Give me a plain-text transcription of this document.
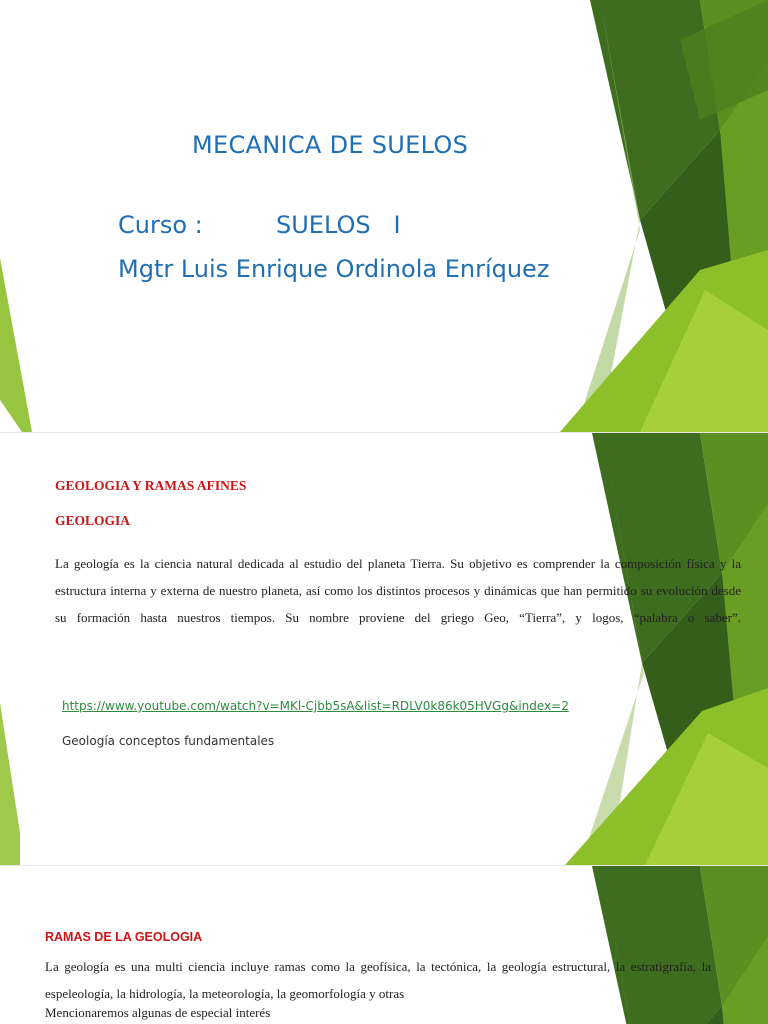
MECANICA DE SUELOS
Curso :	SUELOS   I
Mgtr Luis Enrique Ordinola Enríquez
GEOLOGIA Y RAMAS AFINES
GEOLOGIA

La geología es la ciencia natural dedicada al estudio del planeta Tierra. Su objetivo es comprender la composición física y la estructura interna y externa de nuestro planeta, así como los distintos procesos y dinámicas que han permitido su evolución desde su formación hasta nuestros tiempos. Su nombre proviene del griego Geo, “Tierra”, y logos, “palabra o saber”.

https://www.youtube.com/watch?v=MKl-Cjbb5sA&list=RDLV0k86k05HVGg&index=2
Geología conceptos fundamentales
RAMAS DE LA GEOLOGIA

La geología es una multi ciencia incluye ramas como la geofísica, la tectónica, la geología estructural, la estratigrafía, la espeleología, la hidrología, la meteorología, la geomorfología y otras

Mencionaremos algunas de especial interés
